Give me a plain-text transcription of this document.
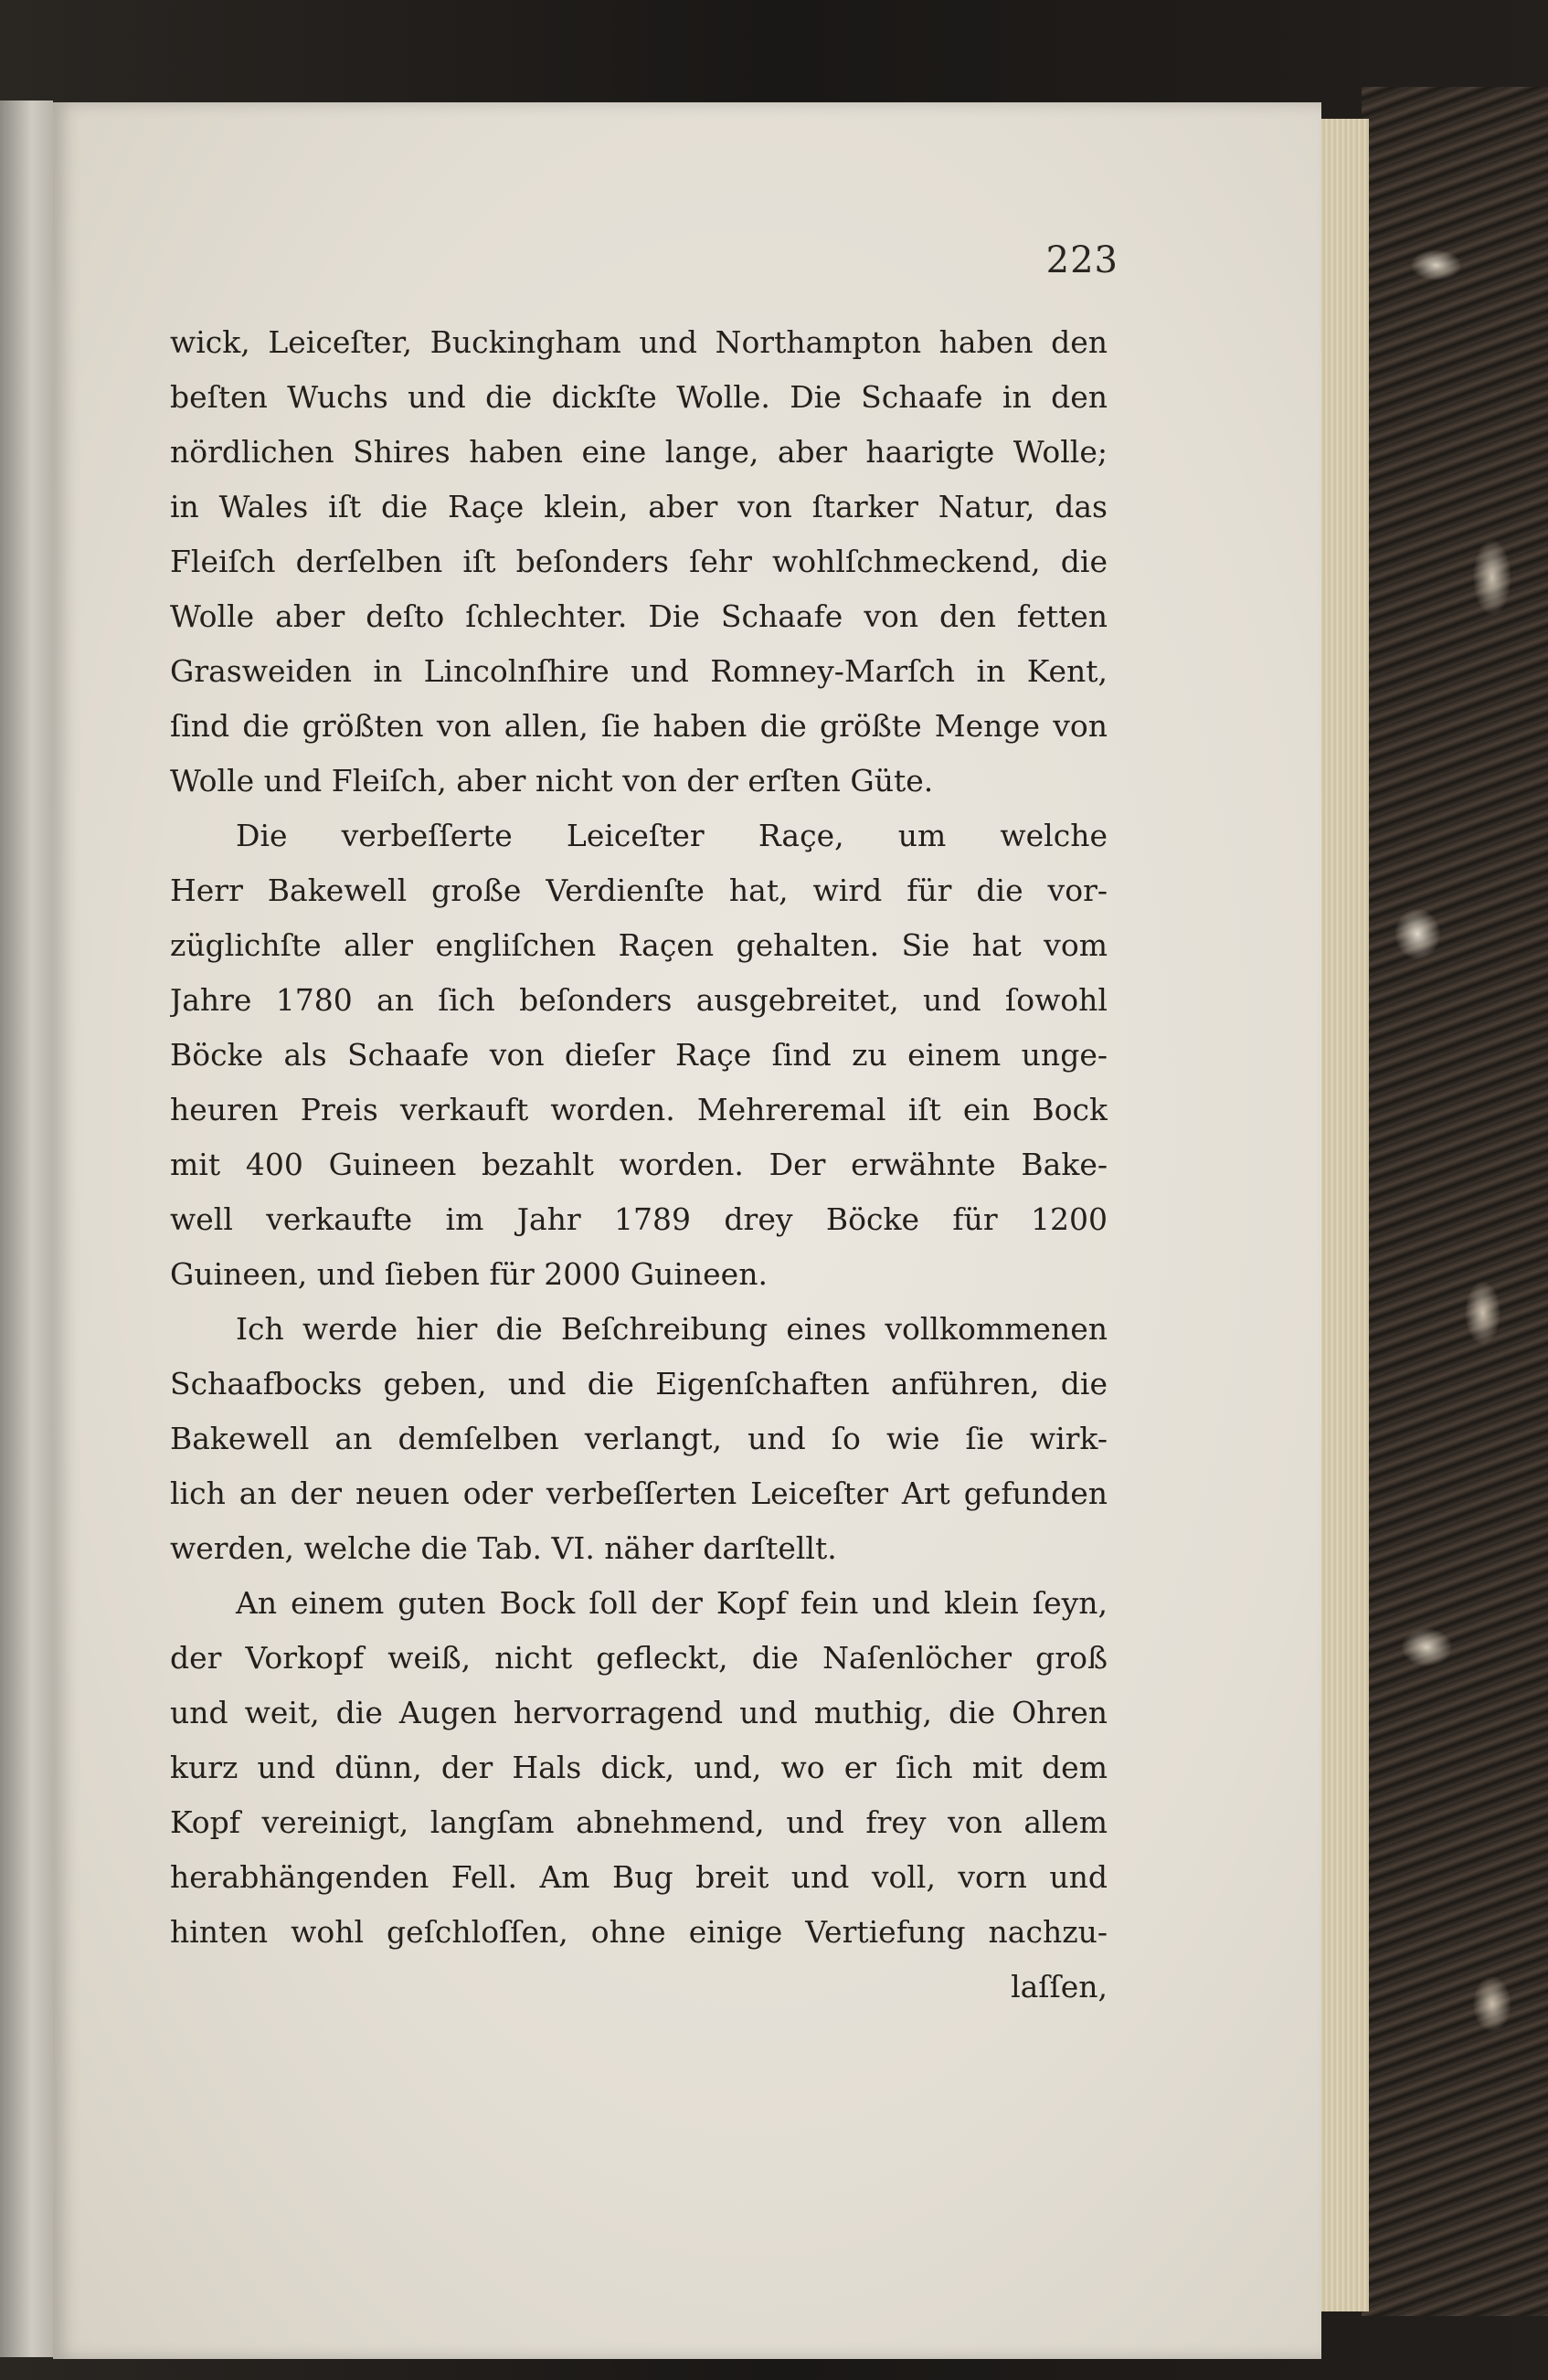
223
wick, Leiceſter, Buckingham und Northampton haben den
beſten Wuchs und die dickſte Wolle. Die Schaafe in den
nördlichen Shires haben eine lange, aber haarigte Wolle;
in Wales iſt die Raçe klein, aber von ſtarker Natur, das
Fleiſch derſelben iſt beſonders ſehr wohlſchmeckend, die
Wolle aber deſto ſchlechter. Die Schaafe von den fetten
Grasweiden in Lincolnſhire und Romney-Marſch in Kent,
ſind die größten von allen, ſie haben die größte Menge von
Wolle und Fleiſch, aber nicht von der erſten Güte.
Die verbeſſerte Leiceſter Raçe, um welche
Herr Bakewell große Verdienſte hat, wird für die vor-
züglichſte aller engliſchen Raçen gehalten. Sie hat vom
Jahre 1780 an ſich beſonders ausgebreitet, und ſowohl
Böcke als Schaafe von dieſer Raçe ſind zu einem unge-
heuren Preis verkauft worden. Mehreremal iſt ein Bock
mit 400 Guineen bezahlt worden. Der erwähnte Bake-
well verkaufte im Jahr 1789 drey Böcke für 1200
Guineen, und ſieben für 2000 Guineen.
Ich werde hier die Beſchreibung eines vollkommenen
Schaafbocks geben, und die Eigenſchaften anführen, die
Bakewell an demſelben verlangt, und ſo wie ſie wirk-
lich an der neuen oder verbeſſerten Leiceſter Art gefunden
werden, welche die Tab. VI. näher darſtellt.
An einem guten Bock ſoll der Kopf fein und klein ſeyn,
der Vorkopf weiß, nicht gefleckt, die Naſenlöcher groß
und weit, die Augen hervorragend und muthig, die Ohren
kurz und dünn, der Hals dick, und, wo er ſich mit dem
Kopf vereinigt, langſam abnehmend, und frey von allem
herabhängenden Fell. Am Bug breit und voll, vorn und
hinten wohl geſchloſſen, ohne einige Vertiefung nachzu-
laſſen,
